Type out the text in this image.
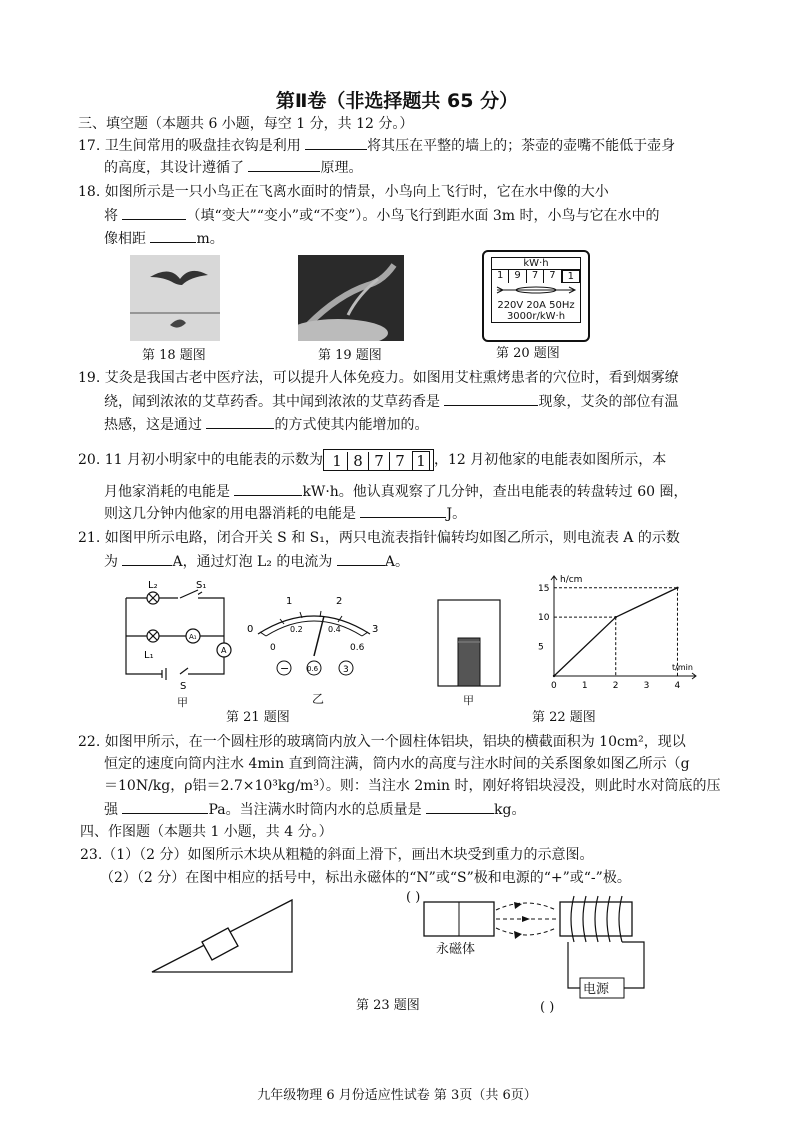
第Ⅱ卷（非选择题共 65 分）
三、填空题（本题共 6 小题，每空 1 分，共 12 分。）
17. 卫生间常用的吸盘挂衣钩是利用	将其压在平整的墙上的；茶壶的壶嘴不能低于壶身
的高度，其设计遵循了	原理。
18. 如图所示是一只小鸟正在飞离水面时的情景，小鸟向上飞行时，它在水中像的大小
将	（填“变大”“变小”或“不变”）。小鸟飞行到距水面 3m 时，小鸟与它在水中的
像相距	m。
第 18 题图	第 19 题图
kW·h
1	9	7	7	1
220V 20A 50Hz
3000r/kW·h
第 20 题图
19. 艾灸是我国古老中医疗法，可以提升人体免疫力。如图用艾柱熏烤患者的穴位时，看到烟雾缭
绕，闻到浓浓的艾草药香。其中闻到浓浓的艾草药香是	现象，艾灸的部位有温
热感，这是通过	的方式使其内能增加的。
20. 11 月初小明家中的电能表的示数为 1 8 7 7 1 ，12 月初他家的电能表如图所示，本
月他家消耗的电能是	kW·h。他认真观察了几分钟，查出电能表的转盘转过 60 圈，
则这几分钟内他家的用电器消耗的电能是	J。
21. 如图甲所示电路，闭合开关 S 和 S₁，两只电流表指针偏转均如图乙所示，则电流表 A 的示数
为	A，通过灯泡 L₂ 的电流为	A。
L₂	S₁
L₁
A₁
A
S
甲
0
1	2
3
0
0.2	0.4
0.6
−	0.6	3
乙
第 21 题图
甲
h/cm
t/min
0	1	2	3	4
5
10
15
第 22 题图
22. 如图甲所示，在一个圆柱形的玻璃筒内放入一个圆柱体铝块，铝块的横截面积为 10cm²，现以
恒定的速度向筒内注水 4min 直到筒注满，筒内水的高度与注水时间的关系图象如图乙所示（g
＝10N/kg，ρ铝＝2.7×10³kg/m³）。则：当注水 2min 时，刚好将铝块浸没，则此时水对筒底的压
强	Pa。当注满水时筒内水的总质量是	kg。
四、作图题（本题共 1 小题，共 4 分。）
23.（1）（2 分）如图所示木块从粗糙的斜面上滑下，画出木块受到重力的示意图。
（2）（2 分）在图中相应的括号中，标出永磁体的“N”或“S”极和电源的“+”或“-”极。
( )
永磁体
电源
( )
第 23 题图
九年级物理 6 月份适应性试卷 第 3页（共 6页）
